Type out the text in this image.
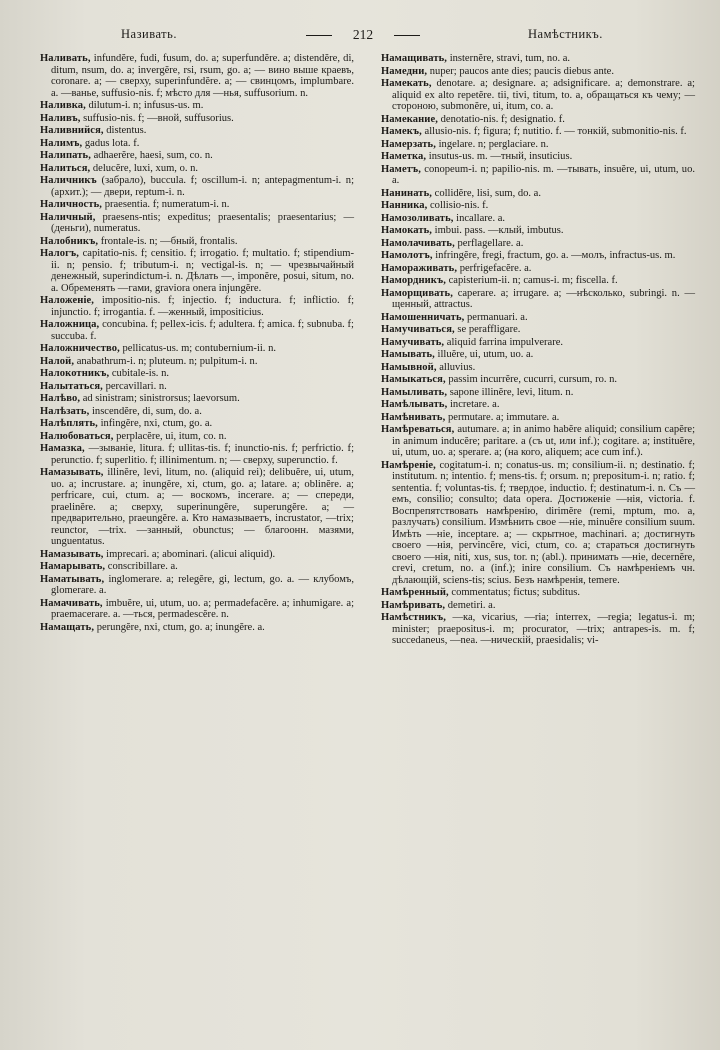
Називать.	212	Намѣстникъ.

Наливать, infundĕre, fudi, fusum, do. a; superfundĕre. a; distendĕre, di, ditum, nsum, do. a; invergĕre, rsi, rsum, go. a; — вино выше краевъ, coronare. a; — сверху, superinfundĕre. a; — свинцомъ, implumbare. a. —ванье, suffusio-nis. f; мѣсто для —нья, suffusorium. n.

Наливка, dilutum-i. n; infusus-us. m.

Наливъ, suffusio-nis. f; —вной, suffusorius.

Наливнийся, distentus.

Налимъ, gadus lota. f.

Налипать, adhaerĕre, haesi, sum, co. n.

Налиться, delucĕre, luxi, xum, o. n.

Наличникъ (забрало), buccula. f; oscillum-i. n; antepagmentum-i. n; (архит.); — двери, reptum-i. n.

Наличность, praesentia. f; numeratum-i. n.

Наличный, praesens-ntis; expeditus; praesentalis; praesentarius; — (деньги), numeratus.

Налобникъ, frontale-is. n; —бный, frontalis.

Налогъ, capitatio-nis. f; censitio. f; irrogatio. f; multatio. f; stipendium-ii. n; pensio. f; tributum-i. n; vectigal-is. n; — чрезвычайный денежный, superindictum-i. n. Дѣлать —, imponĕre, posui, situm, no. a. Обременять —гами, graviora onera injungĕre.

Наложеніе, impositio-nis. f; injectio. f; inductura. f; inflictio. f; injunctio. f; irrogantia. f. —женный, impositicius.

Наложница, concubina. f; pellex-icis. f; adultera. f; amica. f; subnuba. f; succuba. f.

Наложничество, pellicatus-us. m; contubernium-ii. n.

Налой, anabathrum-i. n; pluteum. n; pulpitum-i. n.

Налокотникъ, cubitale-is. n.

Налытаться, percavillari. n.

Налѣво, ad sinistram; sinistrorsus; laevorsum.

Налѣзать, inscendĕre, di, sum, do. a.

Налѣплять, infingĕre, nxi, ctum, go. a.

Налюбоваться, perplacĕre, ui, itum, co. n.

Намазка, —зываніе, litura. f; ullitas-tis. f; inunctio-nis. f; perfrictio. f; perunctio. f; superlitio. f; illinimentum. n; — сверху, superunctio. f.

Намазывать, illinĕre, levi, litum, no. (aliquid rei); delibuĕre, ui, utum, uo. a; incrustare. a; inungĕre, xi, ctum, go. a; latare. a; oblinĕre. a; perfricare, cui, ctum. a; — воскомъ, incerare. a; — спереди, praelinĕre. a; сверху, superinungĕre, superungĕre. a; — предварительно, praeungĕre. a. Кто намазываетъ, incrustator, —trix; reunctor, —trix. —занный, obunctus; — благоонн. мазями, unguentatus.

Намазывать, imprecari. a; abominari. (alicui aliquid).

Намарывать, conscribillare. a.

Наматывать, inglomerare. a; relegĕre, gi, lectum, go. a. — клубомъ, glomerare. a.

Намачивать, imbuĕre, ui, utum, uo. a; permadefacĕre. a; inhumigare. a; praemacerare. a. —ться, permadescĕre. n.

Намащать, perungĕre, nxi, ctum, go. a; inungĕre. a.

Намащивать, insternĕre, stravi, tum, no. a.

Намедни, nuper; paucos ante dies; paucis diebus ante.

Намекать, denotare. a; designare. a; adsignificare. a; demonstrare. a; aliquid ex alto repetĕre. tii, tivi, titum, to. a, обращаться къ чему; — стороною, submonĕre, ui, itum, co. a.

Намекание, denotatio-nis. f; designatio. f.

Намекъ, allusio-nis. f; figura; f; nutitio. f. — тонкій, submonitio-nis. f.

Намерзать, ingelare. n; perglaciare. n.

Наметка, insutus-us. m. —тный, insuticius.

Наметъ, conopeum-i. n; papilio-nis. m. —тывать, insuĕre, ui, utum, uo. a.

Нанинать, collidĕre, lisi, sum, do. a.

Нанника, collisio-nis. f.

Намозоливать, incallare. a.

Намокать, imbui. pass. —клый, imbutus.

Намолачивать, perflagellare. a.

Намолотъ, infringĕre, fregi, fractum, go. a. —молъ, infractus-us. m.

Намораживать, perfrigefacĕre. a.

Намордникъ, capisterium-ii. n; camus-i. m; fiscella. f.

Наморщивать, caperare. a; irrugare. a; —нѣсколько, subringi. n. —щенный, attractus.

Намошенничать, permanuari. a.

Намучиваться, se peraffligare.

Намучивать, aliquid farrina impulverare.

Намывать, illuĕre, ui, utum, uo. a.

Намывной, alluvius.

Намыкаться, passim incurrĕre, cucurri, cursum, ro. n.

Намыливать, sapone illinĕre, levi, litum. n.

Намѣлывать, incretare. a.

Намѣнивать, permutare. a; immutare. a.

Намѣреваться, autumare. a; in animo habĕre aliquid; consilium capĕre; in animum inducĕre; paritare. a (съ ut, или inf.); cogitare. a; instituĕre, ui, utum, uo. a; sperare. a; (на кого, aliquem; ace cum inf.).

Намѣреніе, cogitatum-i. n; conatus-us. m; consilium-ii. n; destinatio. f; institutum. n; intentio. f; mens-tis. f; orsum. n; prepositum-i. n; ratio. f; sententia. f; voluntas-tis. f; твердое, inductio. f; destinatum-i. n. Съ —емъ, consilio; consulto; data opera. Достиженіе —нія, victoria. f. Воспрепятствовать намѣренію, dirimĕre (remi, mptum, mo. a, разлучать) consilium. Измѣнить свое —ніе, minuĕre consilium suum. Имѣть —ніе, inceptare. a; — скрытное, machinari. a; достигнуть своего —нія, pervincĕre, vici, ctum, co. a; стараться достигнуть своего —нія, niti, xus, sus, tor. n; (abl.). принимать —ніе, decernĕre, crevi, cretum, no. a (inf.); inire consilium. Съ намѣреніемъ чн. дѣлающій, sciens-tis; scius. Безъ намѣренія, temere.

Намѣренный, commentatus; fictus; subditus.

Намѣривать, demetiri. a.

Намѣстникъ, —ка, vicarius, —ria; interrex, —regia; legatus-i. m; minister; praepositus-i. m; procurator, —trix; antrapes-is. m. f; succedaneus, —nea. —ническій, praesidalis; vi-
